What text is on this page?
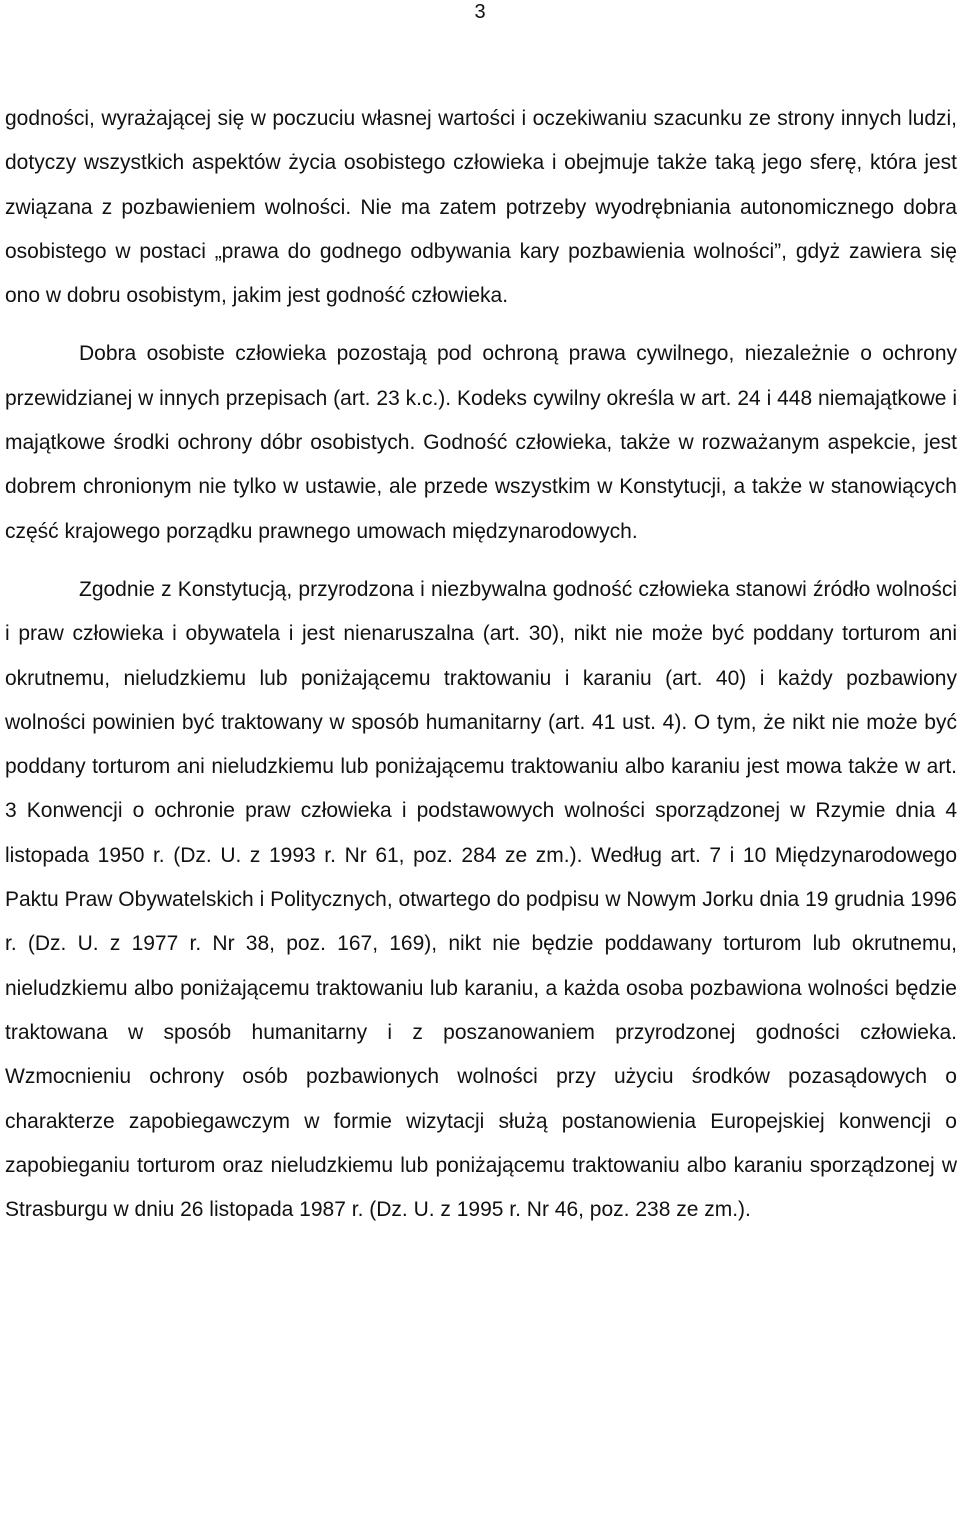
3

godności, wyrażającej się w poczuciu własnej wartości i oczekiwaniu szacunku ze strony innych ludzi, dotyczy wszystkich aspektów życia osobistego człowieka i obejmuje także taką jego sferę, która jest związana z pozbawieniem wolności. Nie ma zatem potrzeby wyodrębniania autonomicznego dobra osobistego w postaci „prawa do godnego odbywania kary pozbawienia wolności”, gdyż zawiera się ono w dobru osobistym, jakim jest godność człowieka.

Dobra osobiste człowieka pozostają pod ochroną prawa cywilnego, niezależnie o ochrony przewidzianej w innych przepisach (art. 23 k.c.). Kodeks cywilny określa w art. 24 i 448 niemajątkowe i majątkowe środki ochrony dóbr osobistych. Godność człowieka, także w rozważanym aspekcie, jest dobrem chronionym nie tylko w ustawie, ale przede wszystkim w Konstytucji, a także w stanowiących część krajowego porządku prawnego umowach międzynarodowych.

Zgodnie z Konstytucją, przyrodzona i niezbywalna godność człowieka stanowi źródło wolności i praw człowieka i obywatela i jest nienaruszalna (art. 30), nikt nie może być poddany torturom ani okrutnemu, nieludzkiemu lub poniżającemu traktowaniu i karaniu (art. 40) i każdy pozbawiony wolności powinien być traktowany w sposób humanitarny (art. 41 ust. 4). O tym, że nikt nie może być poddany torturom ani nieludzkiemu lub poniżającemu traktowaniu albo karaniu jest mowa także w art. 3 Konwencji o ochronie praw człowieka i podstawowych wolności sporządzonej w Rzymie dnia 4 listopada 1950 r. (Dz. U. z 1993 r. Nr 61, poz. 284 ze zm.). Według art. 7 i 10 Międzynarodowego Paktu Praw Obywatelskich i Politycznych, otwartego do podpisu w Nowym Jorku dnia 19 grudnia 1996 r. (Dz. U. z 1977 r. Nr 38, poz. 167, 169), nikt nie będzie poddawany torturom lub okrutnemu, nieludzkiemu albo poniżającemu traktowaniu lub karaniu, a każda osoba pozbawiona wolności będzie traktowana w sposób humanitarny i z poszanowaniem przyrodzonej godności człowieka. Wzmocnieniu ochrony osób pozbawionych wolności przy użyciu środków pozasądowych o charakterze zapobiegawczym w formie wizytacji służą postanowienia Europejskiej konwencji o zapobieganiu torturom oraz nieludzkiemu lub poniżającemu traktowaniu albo karaniu sporządzonej w Strasburgu w dniu 26 listopada 1987 r. (Dz. U. z 1995 r. Nr 46, poz. 238 ze zm.).
